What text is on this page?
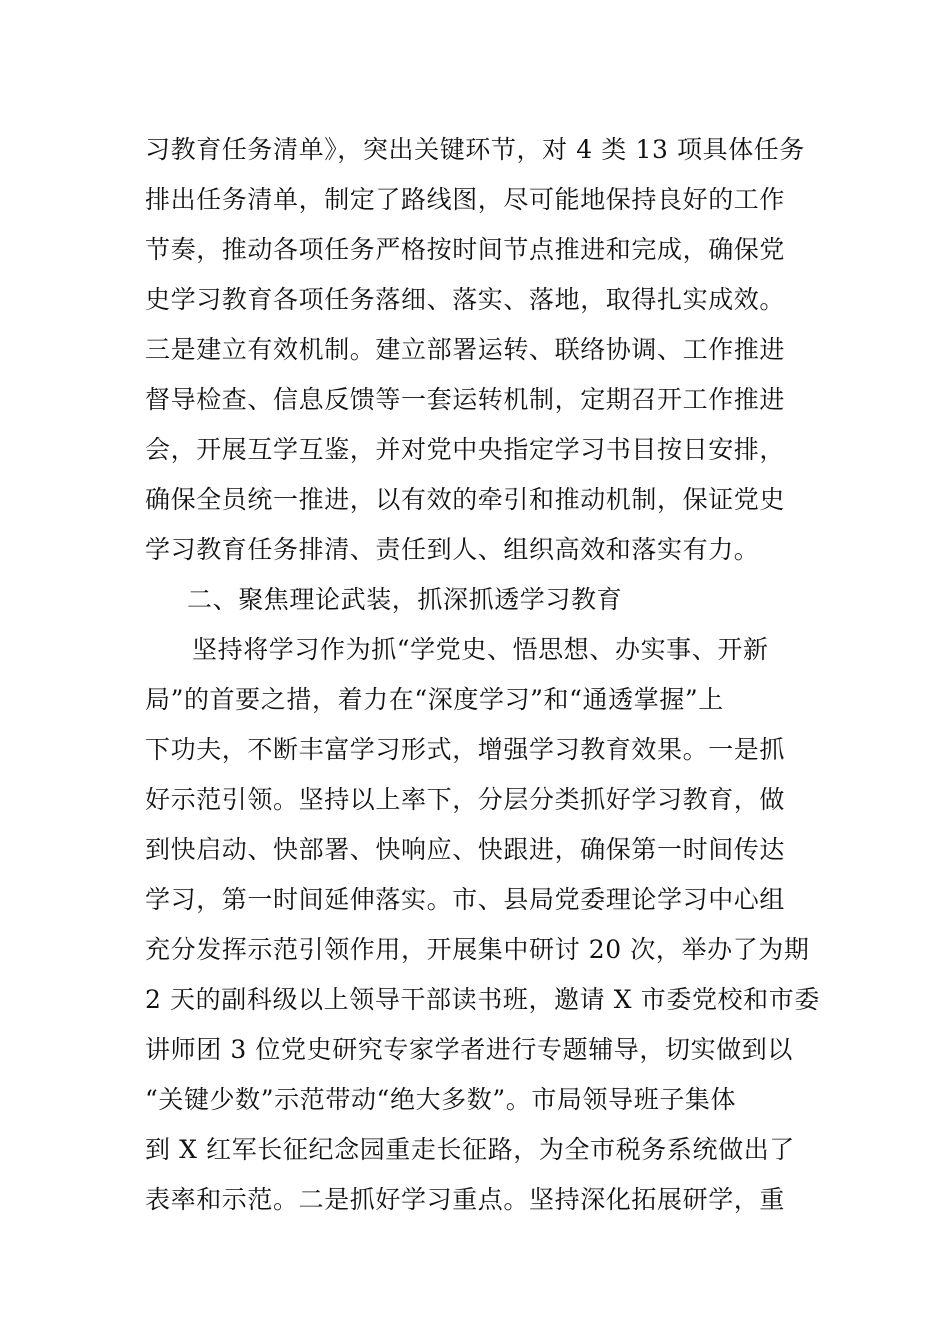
习教育任务清单》，突出关键环节，对 4 类 13 项具体任务
排出任务清单，制定了路线图，尽可能地保持良好的工作
节奏，推动各项任务严格按时间节点推进和完成，确保党
史学习教育各项任务落细、落实、落地，取得扎实成效。
三是建立有效机制。建立部署运转、联络协调、工作推进
督导检查、信息反馈等一套运转机制，定期召开工作推进
会，开展互学互鉴，并对党中央指定学习书目按日安排，
确保全员统一推进，以有效的牵引和推动机制，保证党史
学习教育任务排清、责任到人、组织高效和落实有力。
二、聚焦理论武装，抓深抓透学习教育
坚持将学习作为抓“学党史、悟思想、办实事、开新
局”的首要之措，着力在“深度学习”和“通透掌握”上
下功夫，不断丰富学习形式，增强学习教育效果。一是抓
好示范引领。坚持以上率下，分层分类抓好学习教育，做
到快启动、快部署、快响应、快跟进，确保第一时间传达
学习，第一时间延伸落实。市、县局党委理论学习中心组
充分发挥示范引领作用，开展集中研讨 20 次，举办了为期
2 天的副科级以上领导干部读书班，邀请 X 市委党校和市委
讲师团 3 位党史研究专家学者进行专题辅导，切实做到以
“关键少数”示范带动“绝大多数”。市局领导班子集体
到 X 红军长征纪念园重走长征路，为全市税务系统做出了
表率和示范。二是抓好学习重点。坚持深化拓展研学，重
